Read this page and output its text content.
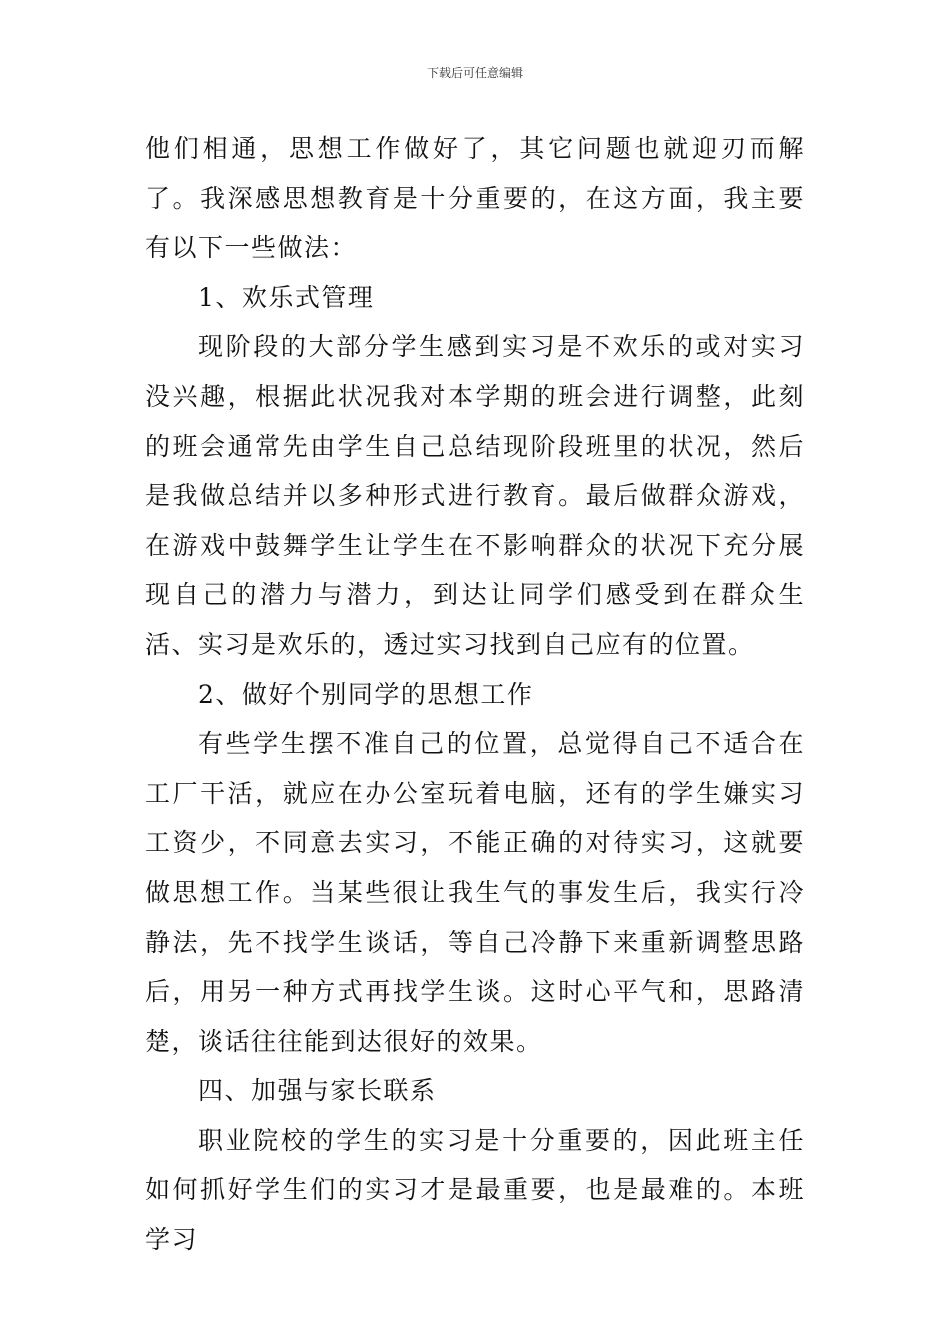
下载后可任意编辑

他们相通，思想工作做好了，其它问题也就迎刃而解了。我深感思想教育是十分重要的，在这方面，我主要有以下一些做法：

1、欢乐式管理

现阶段的大部分学生感到实习是不欢乐的或对实习没兴趣，根据此状况我对本学期的班会进行调整，此刻的班会通常先由学生自己总结现阶段班里的状况，然后是我做总结并以多种形式进行教育。最后做群众游戏，在游戏中鼓舞学生让学生在不影响群众的状况下充分展现自己的潜力与潜力，到达让同学们感受到在群众生活、实习是欢乐的，透过实习找到自己应有的位置。

2、做好个别同学的思想工作

有些学生摆不准自己的位置，总觉得自己不适合在工厂干活，就应在办公室玩着电脑，还有的学生嫌实习工资少，不同意去实习，不能正确的对待实习，这就要做思想工作。当某些很让我生气的事发生后，我实行冷静法，先不找学生谈话，等自己冷静下来重新调整思路后，用另一种方式再找学生谈。这时心平气和，思路清楚，谈话往往能到达很好的效果。

四、加强与家长联系

职业院校的学生的实习是十分重要的，因此班主任如何抓好学生们的实习才是最重要，也是最难的。本班学习
